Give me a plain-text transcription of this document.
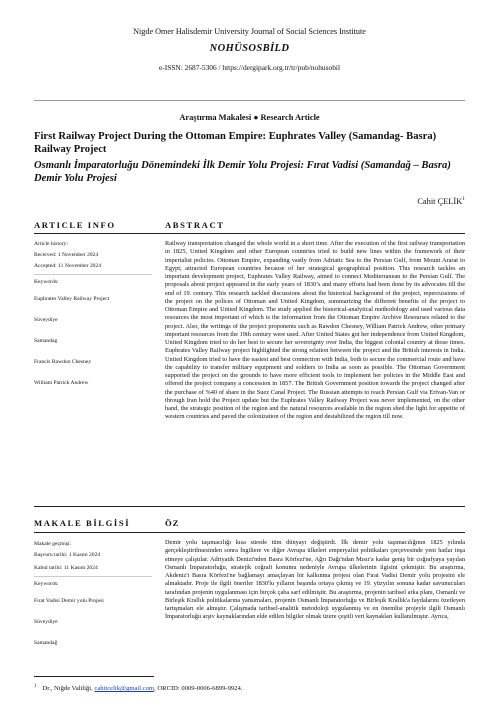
Nigde Omer Halisdemir University Journal of Social Sciences Institute
NOHÜSOSBİLD
e-ISSN: 2687-5306 / https://dergipark.org.tr/tr/pub/nohusobil
Araştırma Makalesi ● Research Article
First Railway Project During the Ottoman Empire: Euphrates Valley (Samandag- Basra) Railway Project
Osmanlı İmparatorluğu Dönemindeki İlk Demir Yolu Projesi: Fırat Vadisi (Samandağ – Basra) Demir Yolu Projesi
Cahit ÇELİK$^1$
ARTICLE INFO	ABSTRACT
Article history:
Received: 1 November 2024
Accepted: 11 November 2024
Keywords:
Euphrates Valley Railway Project
Süveydiye
Samandag
Francis Rawdon Chesney
William Patrick Andrew
Railway transportation changed the whole world in a short time. After the execution of the first railway transportation in 1825, United Kingdom and other European countries tried to build new lines within the framework of their imperialist policies. Ottoman Empire, expanding vastly from Adriatic Sea to the Persian Gulf, from Mount Ararat to Egypt; attracted European countries because of her strategical geographical position. This research tackles an important development project, Euphrates Valley Railway, aimed to connect Mediterranean to the Persian Gulf. The proposals about project appeared in the early years of 1830’s and many efforts had been done by its advocates till the end of 19. century. This research tackled discussions about the historical background of the project, repercussions of the project on the polices of Ottoman and United Kingdom, summarizing the different benefits of the project to Ottoman Empire and United Kingdom. The study applied the historical-analytical methodology and used various data resources the most important of which is the information from the Ottoman Empire Archive Resourses related to the project. Also, the writings of the project proponents such as Rawdon Chesney, William Patrick Andrew, other primary important resources from the 19th century were used. After United States got her independence from United Kingdom, United Kingdom tried to do her best to secure her sovereignty over India, the biggest colonial country at those times. Euphrates Valley Railway project highlighted the strong relation between the project and the British interests in India. United Kingdom tried to have the easiest and best connection with India, both to secure the commercial route and have the capability to transfer military equipment and soldiers to India as soon as possible. The Ottoman Government supported the project on the grounds to have more efficient tools to implement her policies in the Middle East and offered the project company a concession in 1857. The British Government position towards the project changed after the purchase of %40 of share in the Suez Canal Project. The Russian attempts to reach Persian Gulf via Erivan-Van or through Iran hold the Project update but the Euphrates Valley Railway Project was never implemented, on the other hand, the strategic position of the region and the natural resources available in the region shed the light for appetite of western countries and paved the colonization of the region and destabilized the region till now.
MAKALE BİLGİSİ	ÖZ
Makale geçmişi:
Başvuru tarihi: 1 Kasım 2024
Kabul tarihi: 11 Kasım 2024
Keywords:
Fırat Vadisi Demir yolu Projesi
Süveydiye
Samandağ
Demir yolu taşımacılığı kısa sürede tüm dünyayı değiştirdi. İlk demir yolu taşımacılığının 1825 yılında gerçekleştirilmesinden sonra İngiltere ve diğer Avrupa ülkeleri emperyalist politikaları çerçevesinde yeni hatlar inşa etmeye çalıştılar. Adriyatik Denizi'nden Basra Körfezi'ne, Ağrı Dağı'ndan Mısır'a kadar geniş bir coğrafyaya yayılan Osmanlı İmparatorluğu, stratejik coğrafi konumu nedeniyle Avrupa ülkelerinin ilgisini çekmiştir. Bu araştırma, Akdeniz'i Basra Körfezi'ne bağlamayı amaçlayan bir kalkınma projesi olan Fırat Vadisi Demir yolu projesini ele almaktadır. Proje ile ilgili öneriler 1830'lu yılların başında ortaya çıkmış ve 19. yüzyılın sonuna kadar savunucuları tarafından projenin uygulanması için birçok çaba sarf edilmiştir. Bu araştırma, projenin tarihsel arka planı, Osmanlı ve Birleşik Krallık politikalarına yansımaları, projenin Osmanlı İmparatorluğu ve Birleşik Krallık'a faydalarını özetleyen tartışmaları ele almıştır. Çalışmada tarihsel-analitik metodoloji uygulanmış ve en önemlisi projeyle ilgili Osmanlı İmparatorluğu arşiv kaynaklarından elde edilen bilgiler olmak üzere çeşitli veri kaynakları kullanılmıştır. Ayrıca,
$^1$ Dr., Niğde Valiliği, cahitcelik@gmail.com, ORCID: 0009-0006-6899-9924.
